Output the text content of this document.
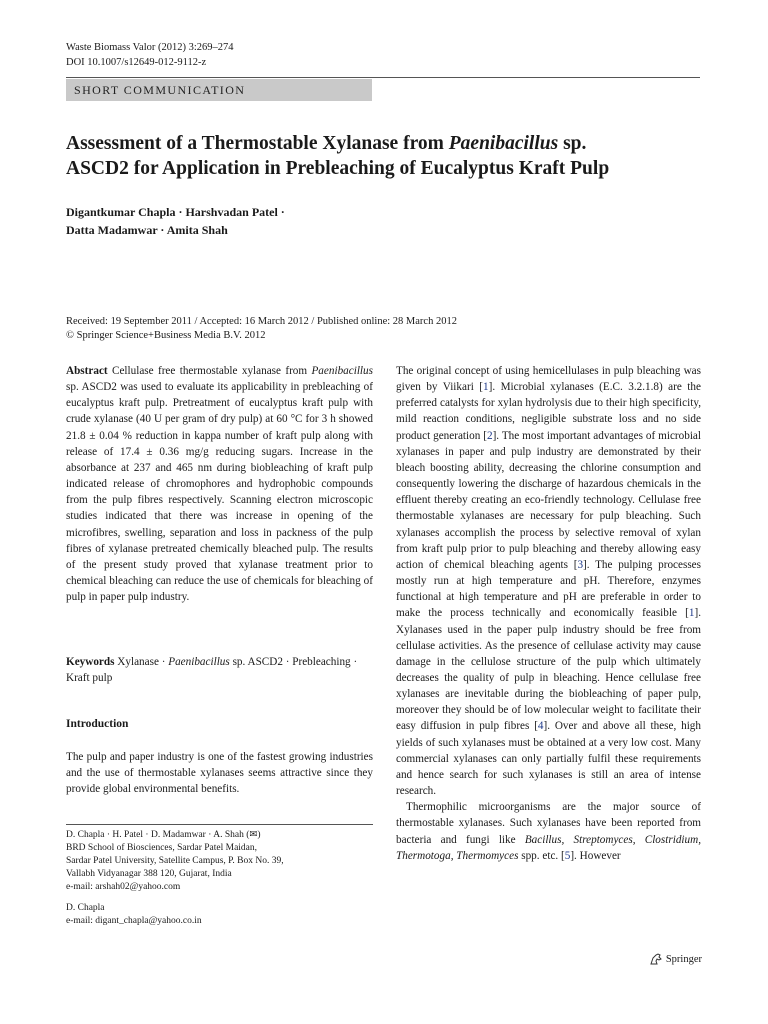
Waste Biomass Valor (2012) 3:269–274
DOI 10.1007/s12649-012-9112-z
SHORT COMMUNICATION
Assessment of a Thermostable Xylanase from Paenibacillus sp.
ASCD2 for Application in Prebleaching of Eucalyptus Kraft Pulp
Digantkumar Chapla · Harshvadan Patel ·
Datta Madamwar · Amita Shah
Received: 19 September 2011 / Accepted: 16 March 2012 / Published online: 28 March 2012
© Springer Science+Business Media B.V. 2012

Abstract Cellulase free thermostable xylanase from Paenibacillus sp. ASCD2 was used to evaluate its applicability in prebleaching of eucalyptus kraft pulp. Pretreatment of eucalyptus kraft pulp with crude xylanase (40 U per gram of dry pulp) at 60 °C for 3 h showed 21.8 ± 0.04 % reduction in kappa number of kraft pulp along with release of 17.4 ± 0.36 mg/g reducing sugars. Increase in the absorbance at 237 and 465 nm during biobleaching of kraft pulp indicated release of chromophores and hydrophobic compounds from the pulp fibres respectively. Scanning electron microscopic studies indicated that there was increase in opening of the microfibres, swelling, separation and loss in packness of the pulp fibres of xylanase pretreated chemically bleached pulp. The results of the present study proved that xylanase treatment prior to chemical bleaching can reduce the use of chemicals for bleaching of pulp in paper pulp industry.

Keywords Xylanase · Paenibacillus sp. ASCD2 · Prebleaching · Kraft pulp
Introduction

The pulp and paper industry is one of the fastest growing industries and the use of thermostable xylanases seems attractive since they provide global environmental benefits.

D. Chapla · H. Patel · D. Madamwar · A. Shah (✉)
BRD School of Biosciences, Sardar Patel Maidan,
Sardar Patel University, Satellite Campus, P. Box No. 39,
Vallabh Vidyanagar 388 120, Gujarat, India
e-mail: arshah02@yahoo.com
D. Chapla
e-mail: digant_chapla@yahoo.co.in

The original concept of using hemicellulases in pulp bleaching was given by Viikari [1]. Microbial xylanases (E.C. 3.2.1.8) are the preferred catalysts for xylan hydrolysis due to their high specificity, mild reaction conditions, negligible substrate loss and no side product generation [2]. The most important advantages of microbial xylanases in paper and pulp industry are demonstrated by their bleach boosting ability, decreasing the chlorine consumption and consequently lowering the discharge of hazardous chemicals in the effluent thereby creating an eco-friendly technology. Cellulase free thermostable xylanases are necessary for pulp bleaching. Such xylanases accomplish the process by selective removal of xylan from kraft pulp prior to pulp bleaching and thereby allowing easy action of chemical bleaching agents [3]. The pulping processes mostly run at high temperature and pH. Therefore, enzymes functional at high temperature and pH are preferable in order to make the process technically and economically feasible [1]. Xylanases used in the paper pulp industry should be free from cellulase activities. As the presence of cellulase activity may cause damage in the cellulose structure of the pulp which ultimately decreases the quality of pulp in bleaching. Hence cellulase free xylanases are inevitable during the biobleaching of paper pulp, moreover they should be of low molecular weight to facilitate their easy diffusion in pulp fibres [4]. Over and above all these, high yields of such xylanases must be obtained at a very low cost. Many commercial xylanases can only partially fulfil these requirements and hence search for such xylanases is still an area of intense research.

Thermophilic microorganisms are the major source of thermostable xylanases. Such xylanases have been reported from bacteria and fungi like Bacillus, Streptomyces, Clostridium, Thermotoga, Thermomyces spp. etc. [5]. However

Springer
